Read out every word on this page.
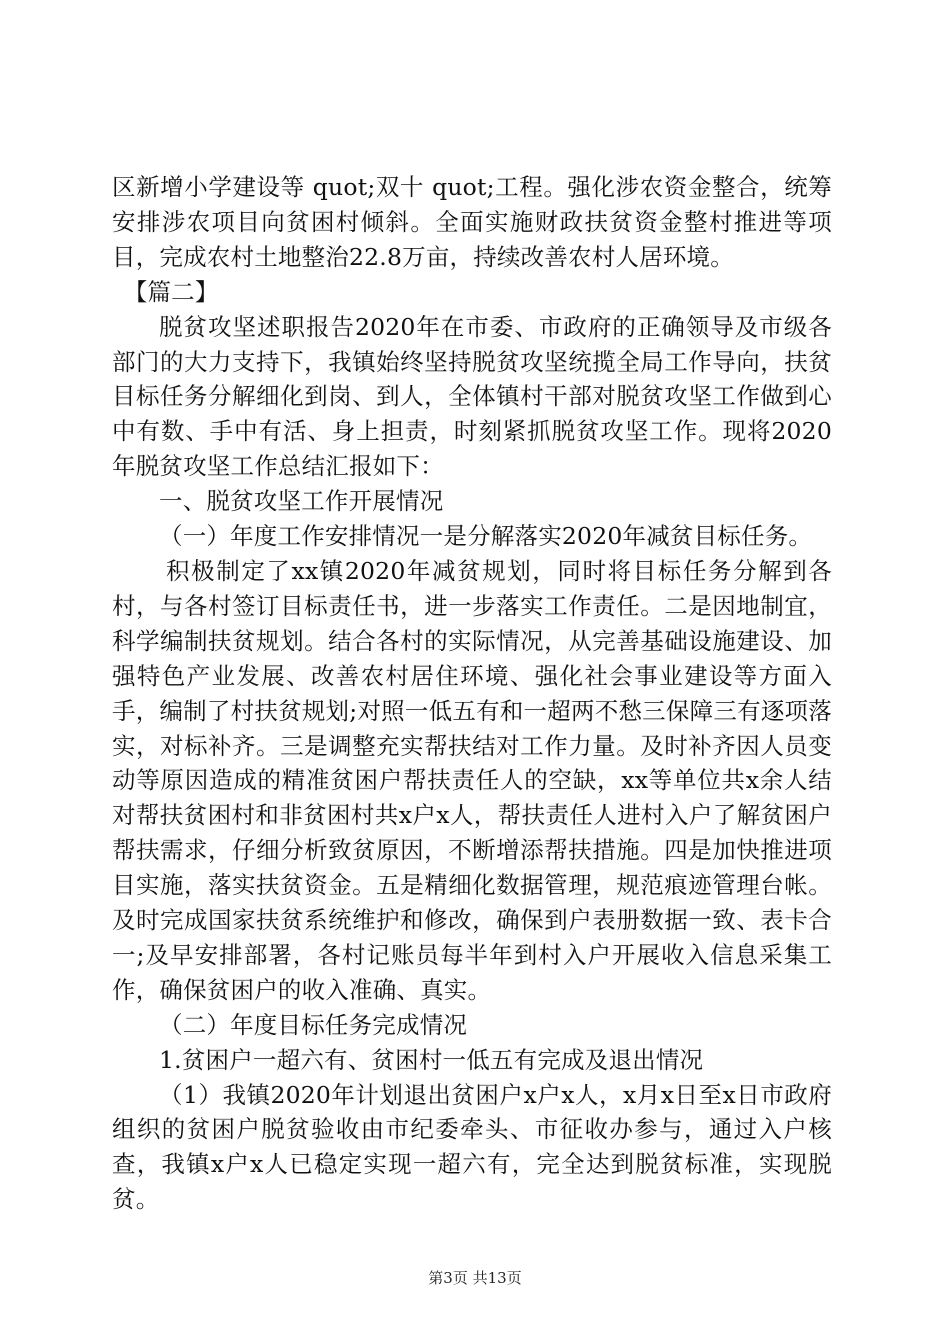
区新增小学建设等 quot;双十 quot;工程。强化涉农资金整合，统筹安排涉农项目向贫困村倾斜。全面实施财政扶贫资金整村推进等项目，完成农村土地整治22.8万亩，持续改善农村人居环境。

【篇二】

脱贫攻坚述职报告2020年在市委、市政府的正确领导及市级各部门的大力支持下，我镇始终坚持脱贫攻坚统揽全局工作导向，扶贫目标任务分解细化到岗、到人，全体镇村干部对脱贫攻坚工作做到心中有数、手中有活、身上担责，时刻紧抓脱贫攻坚工作。现将2020年脱贫攻坚工作总结汇报如下：

一、脱贫攻坚工作开展情况

（一）年度工作安排情况一是分解落实2020年减贫目标任务。

积极制定了xx镇2020年减贫规划，同时将目标任务分解到各村，与各村签订目标责任书，进一步落实工作责任。二是因地制宜，科学编制扶贫规划。结合各村的实际情况，从完善基础设施建设、加强特色产业发展、改善农村居住环境、强化社会事业建设等方面入手，编制了村扶贫规划;对照一低五有和一超两不愁三保障三有逐项落实，对标补齐。三是调整充实帮扶结对工作力量。及时补齐因人员变动等原因造成的精准贫困户帮扶责任人的空缺，xx等单位共x余人结对帮扶贫困村和非贫困村共x户x人，帮扶责任人进村入户了解贫困户帮扶需求，仔细分析致贫原因，不断增添帮扶措施。四是加快推进项目实施，落实扶贫资金。五是精细化数据管理，规范痕迹管理台帐。及时完成国家扶贫系统维护和修改，确保到户表册数据一致、表卡合一;及早安排部署，各村记账员每半年到村入户开展收入信息采集工作，确保贫困户的收入准确、真实。

（二）年度目标任务完成情况

1.贫困户一超六有、贫困村一低五有完成及退出情况

（1）我镇2020年计划退出贫困户x户x人，x月x日至x日市政府组织的贫困户脱贫验收由市纪委牵头、市征收办参与，通过入户核查，我镇x户x人已稳定实现一超六有，完全达到脱贫标准，实现脱贫。

第3页 共13页
